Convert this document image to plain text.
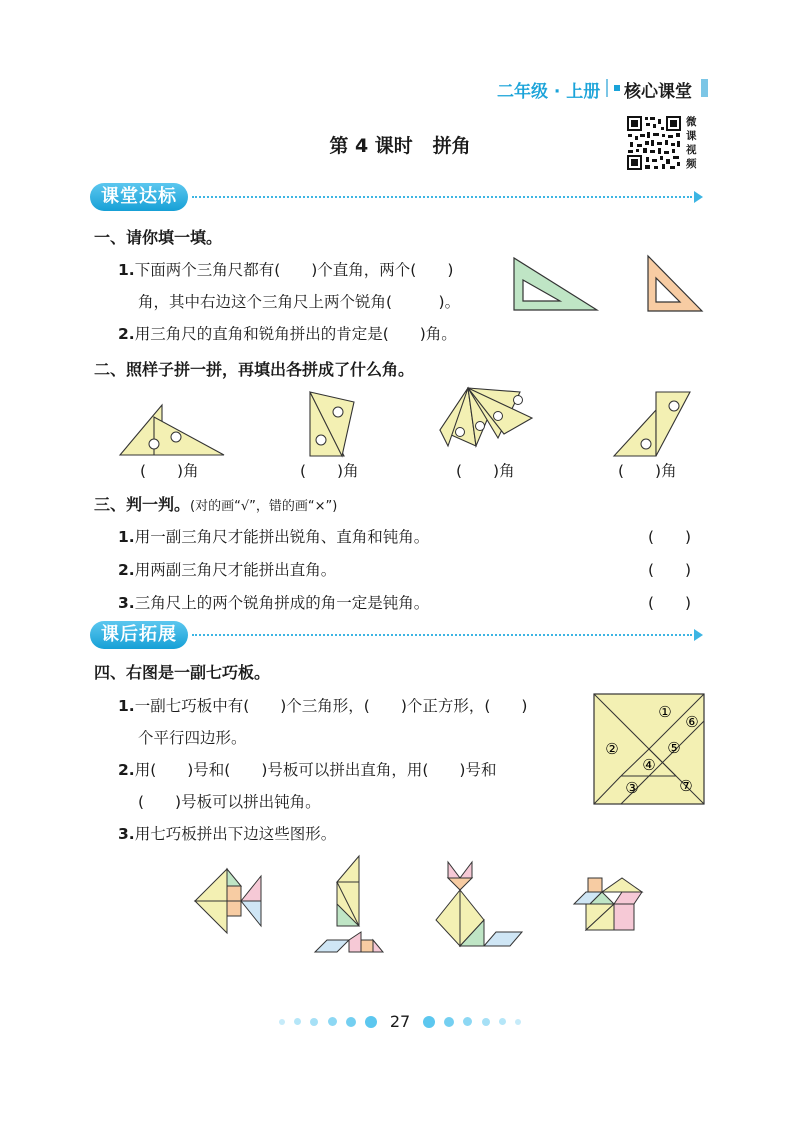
二年级 · 上册 核心课堂
第 4 课时 拼角
微
课
视
频
课堂达标
一、请你填一填。
1.下面两个三角尺都有(　　)个直角，两个(　　)
角，其中右边这个三角尺上两个锐角(　　　)。
2.用三角尺的直角和锐角拼出的肯定是(　　)角。
二、照样子拼一拼，再填出各拼成了什么角。
(　　)角	(　　)角	(　　)角	(　　)角
三、判一判。(对的画“√”，错的画“×”)
1.用一副三角尺才能拼出锐角、直角和钝角。	(　　)
2.用两副三角尺才能拼出直角。	(　　)
3.三角尺上的两个锐角拼成的角一定是钝角。	(　　)
课后拓展
四、右图是一副七巧板。
1.一副七巧板中有(　　)个三角形，(　　)个正方形，(　　)
个平行四边形。
2.用(　　)号和(　　)号板可以拼出直角，用(　　)号和
(　　)号板可以拼出钝角。
3.用七巧板拼出下边这些图形。
①
②
③
④
⑤
⑥
⑦
27
